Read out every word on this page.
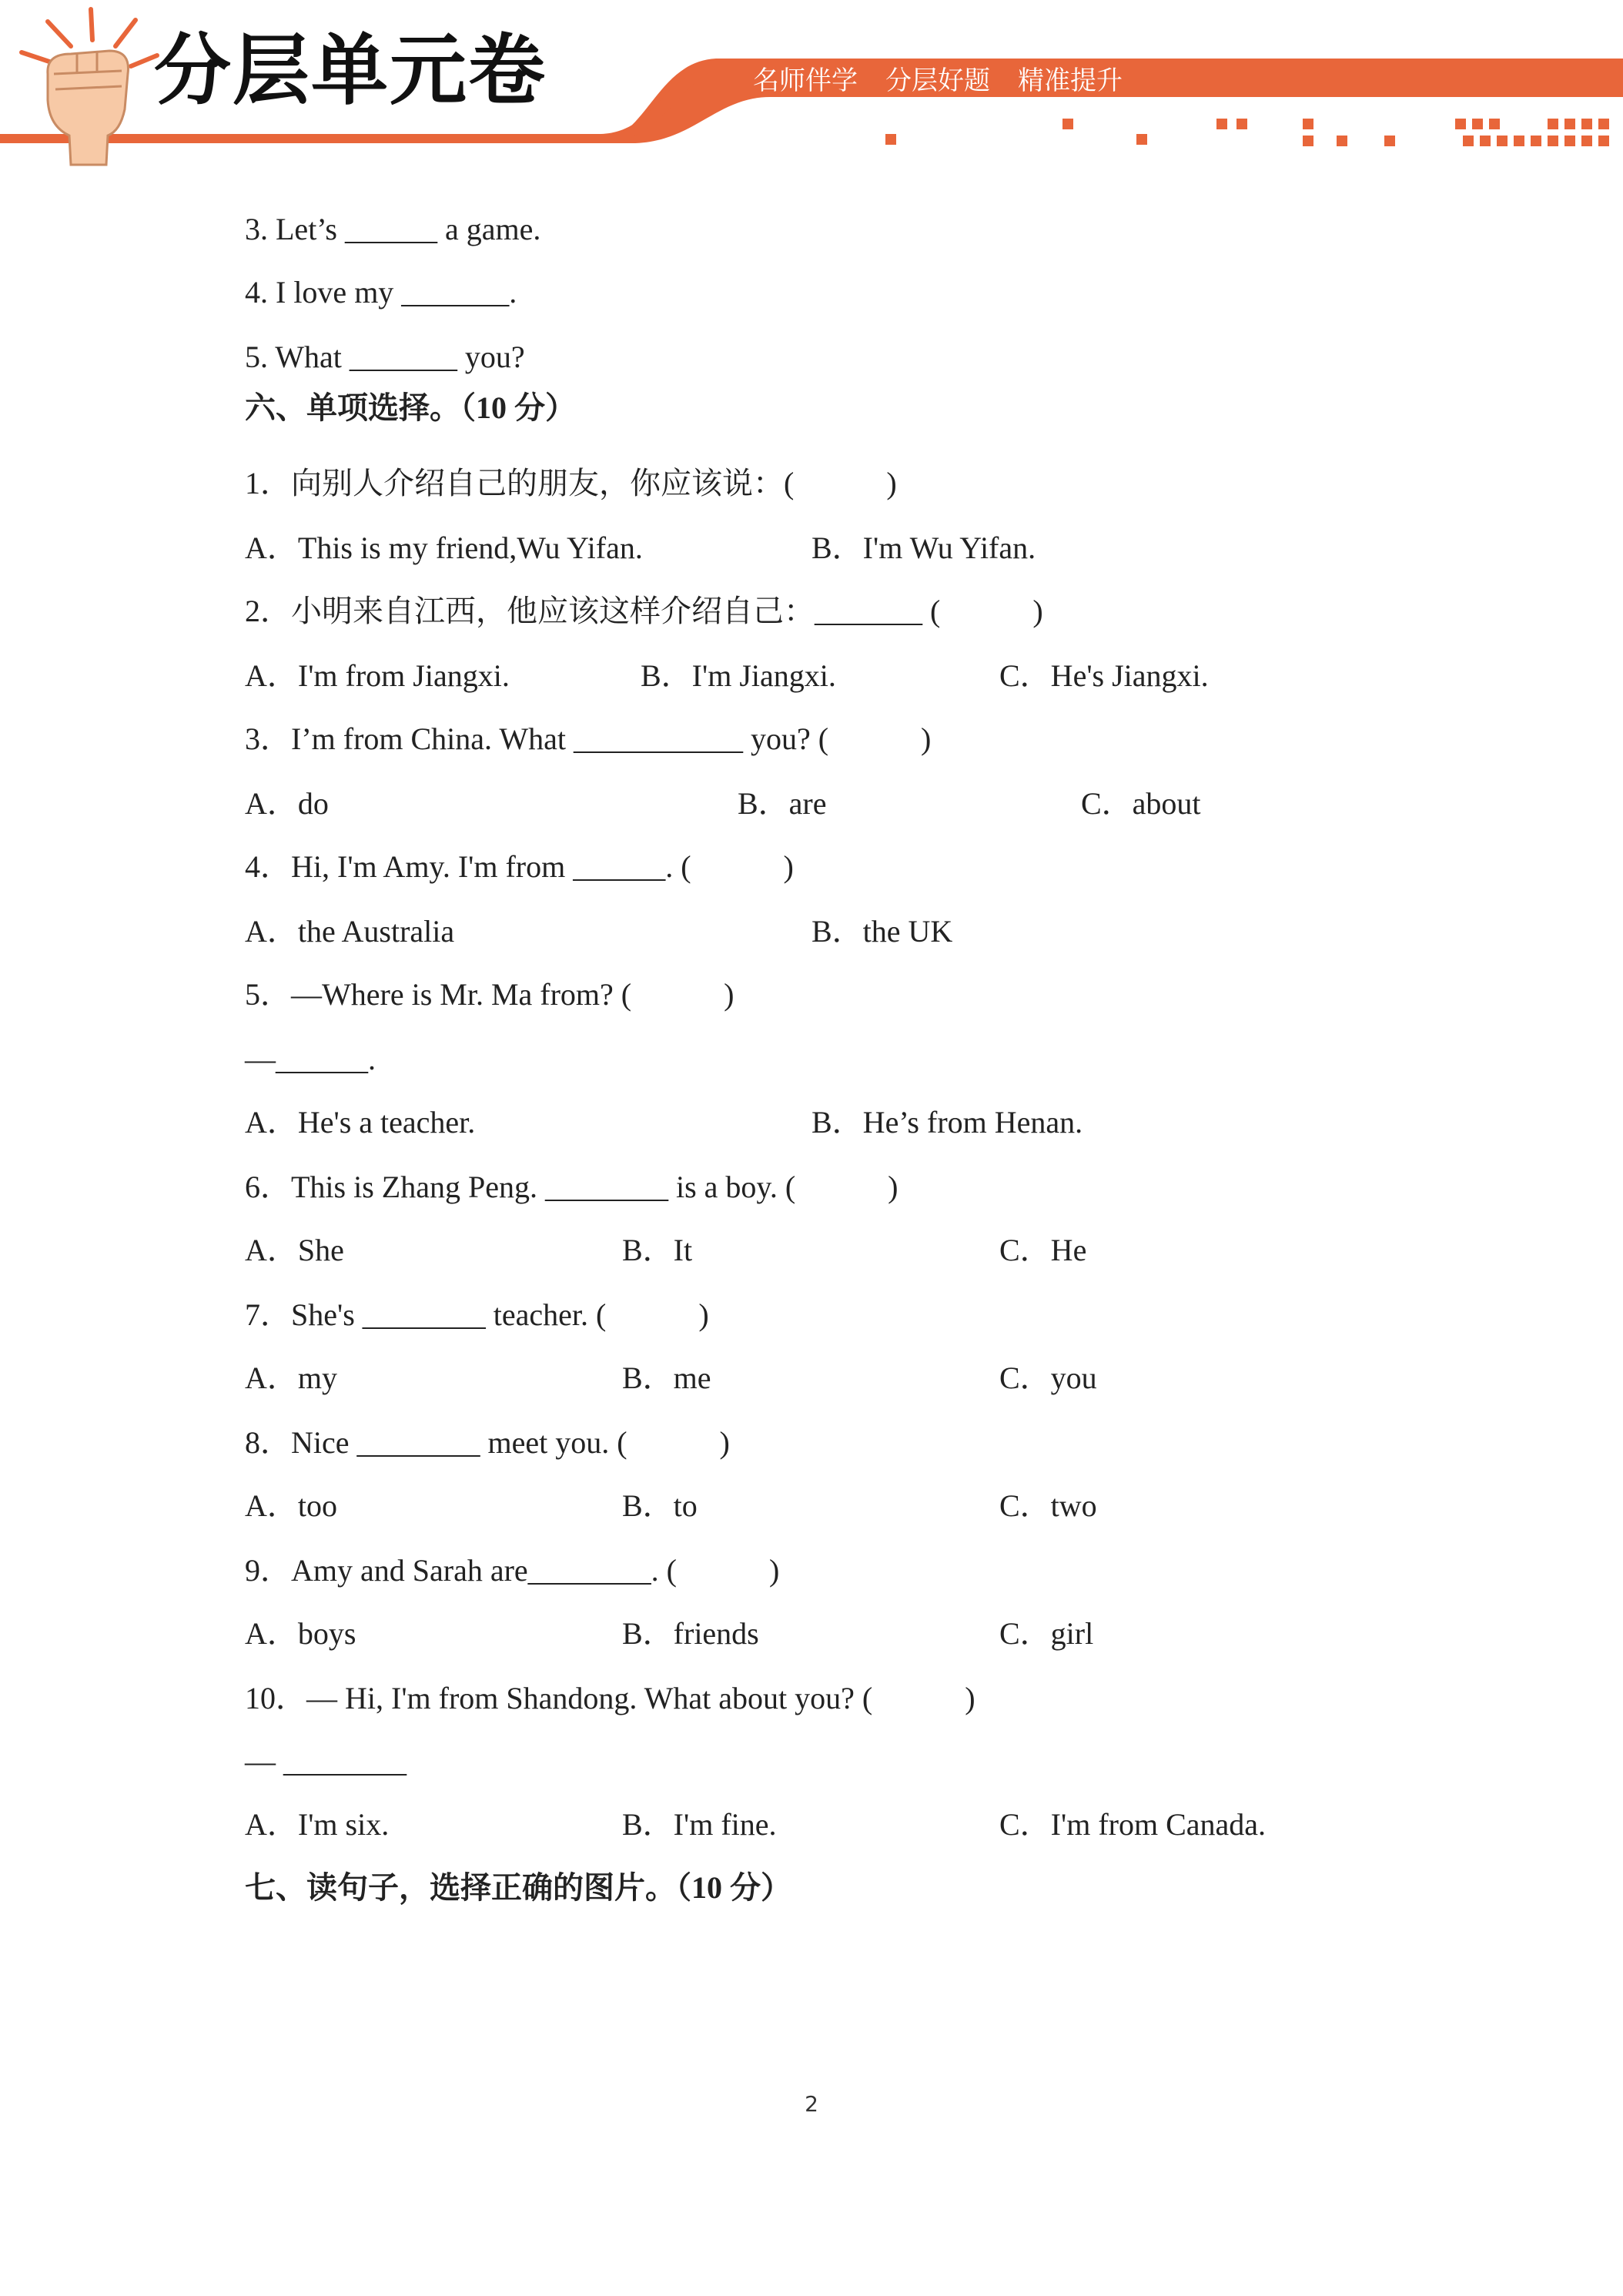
分层单元卷	名师伴学 分层好题 精准提升
3. Let’s ______ a game.
4. I love my _______.
5. What _______ you?
六、单项选择。（10 分）
1．向别人介绍自己的朋友，你应该说：(　　　)
A．This is my friend,Wu Yifan.	B．I'm Wu Yifan.
2．小明来自江西，他应该这样介绍自己：_______ (　　　)
A．I'm from Jiangxi.	B．I'm Jiangxi.	C．He's Jiangxi.
3．I’m from China. What ___________ you? (　　　)
A．do	B．are	C．about
4．Hi, I'm Amy. I'm from ______. (　　　)
A．the Australia	B．the UK
5．—Where is Mr. Ma from? (　　　)
—______.
A．He's a teacher.	B．He’s from Henan.
6．This is Zhang Peng. ________ is a boy. (　　　)
A．She	B．It	C．He
7．She's ________ teacher. (　　　)
A．my	B．me	C．you
8．Nice ________ meet you. (　　　)
A．too	B．to	C．two
9．Amy and Sarah are________. (　　　)
A．boys	B．friends	C．girl
10．— Hi, I'm from Shandong. What about you? (　　　)
— ________
A．I'm six.	B．I'm fine.	C．I'm from Canada.
七、读句子，选择正确的图片。（10 分）
2
